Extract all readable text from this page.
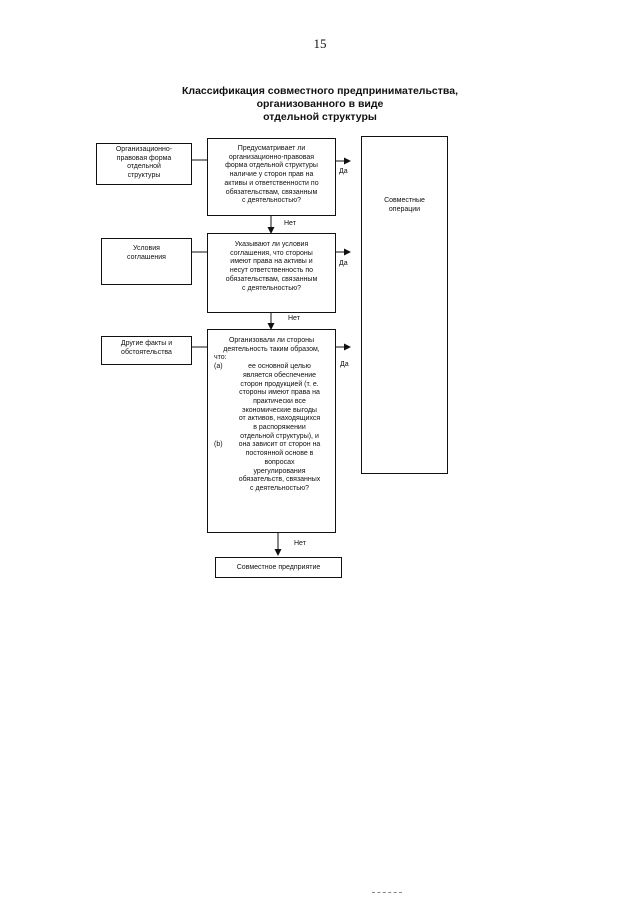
15
Классификация совместного предпринимательства,
организованного в виде
отдельной структуры
Организационно-
правовая форма
отдельной
структуры
Условия
соглашения
Другие факты и
обстоятельства
Предусматривает ли
организационно-правовая
форма отдельной структуры
наличие у сторон прав на
активы и ответственности по
обязательствам, связанным
с деятельностью?
Указывают ли условия
соглашения, что стороны
имеют права на активы и
несут ответственность по
обязательствам, связанным
с деятельностью?
Организовали ли стороны
деятельность таким образом,
что:
(a)	ее основной целью
является обеспечение
сторон продукцией (т. е.
стороны имеют права на
практически все
экономические выгоды
от активов, находящихся
в распоряжении
отдельной структуры), и
(b)	она зависит от сторон на
постоянной основе в
вопросах
урегулирования
обязательств, связанных
с деятельностью?
Да
Да
Да
Нет
Нет
Нет
Совместные
операции
Совместное предприятие
